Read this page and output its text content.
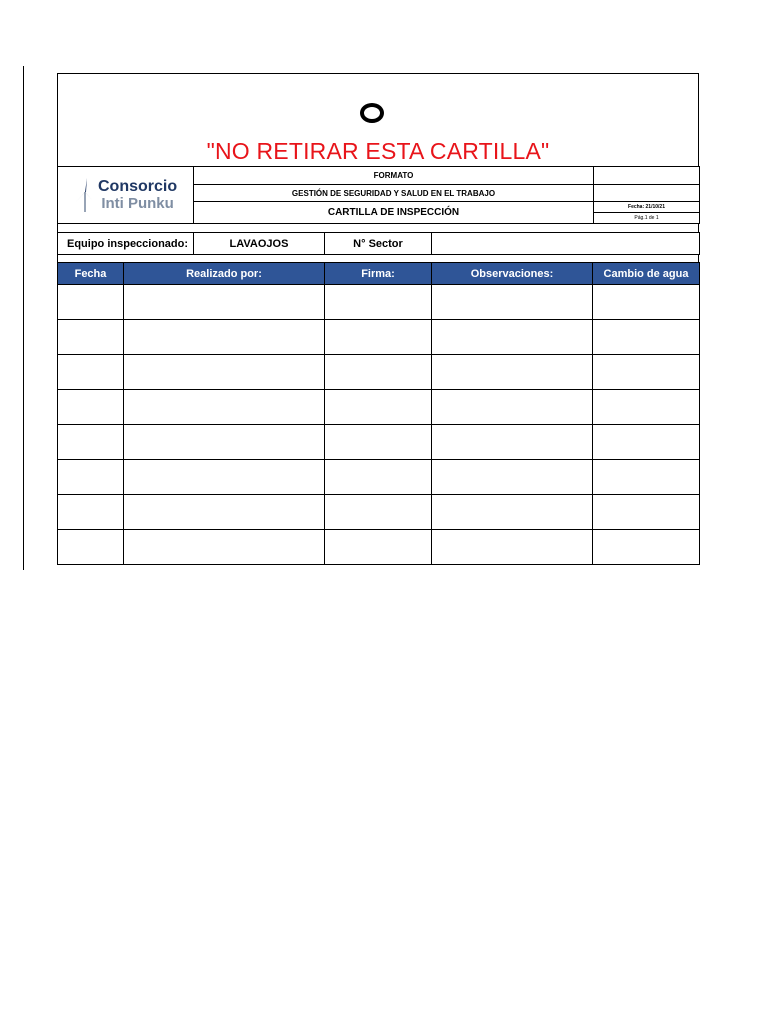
"NO RETIRAR ESTA CARTILLA"
Consorcio
Inti Punku	FORMATO	
	GESTIÓN DE SEGURIDAD Y SALUD EN EL TRABAJO	
	CARTILLA DE INSPECCIÓN	Fecha: 21/10/21
Pág.1 de 1
Equipo inspeccionado:	LAVAOJOS	N° Sector	
Fecha	Realizado por:	Firma:	Observaciones:	Cambio de agua
